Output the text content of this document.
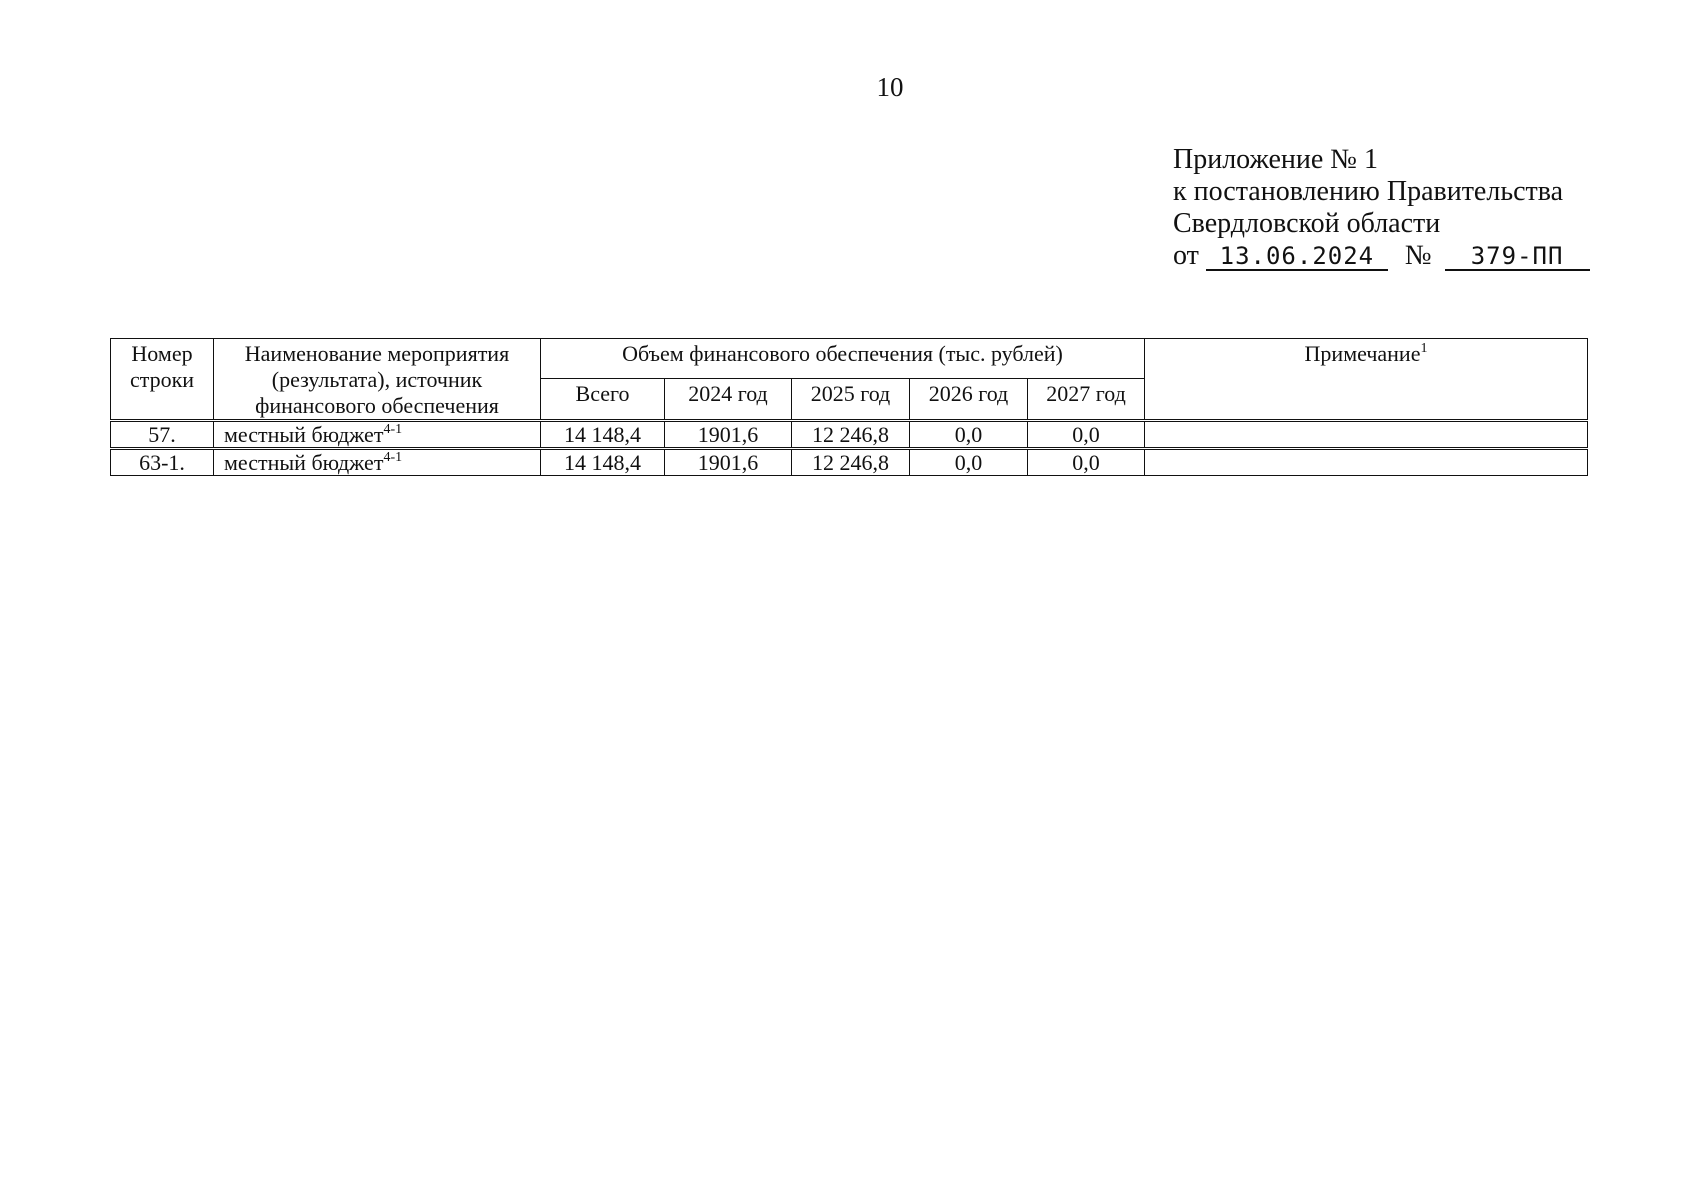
10
Приложение № 1
к постановлению Правительства
Свердловской области
от 13.06.2024 № 379-ПП
Номер строки	Наименование мероприятия (результата), источник финансового обеспечения	Объем финансового обеспечения (тыс. рублей)					Примечание$^1$
		Всего	2024 год	2025 год	2026 год	2027 год	
57.	местный бюджет$^{4-1}$	14 148,4	1901,6	12 246,8	0,0	0,0	
63-1.	местный бюджет$^{4-1}$	14 148,4	1901,6	12 246,8	0,0	0,0	
